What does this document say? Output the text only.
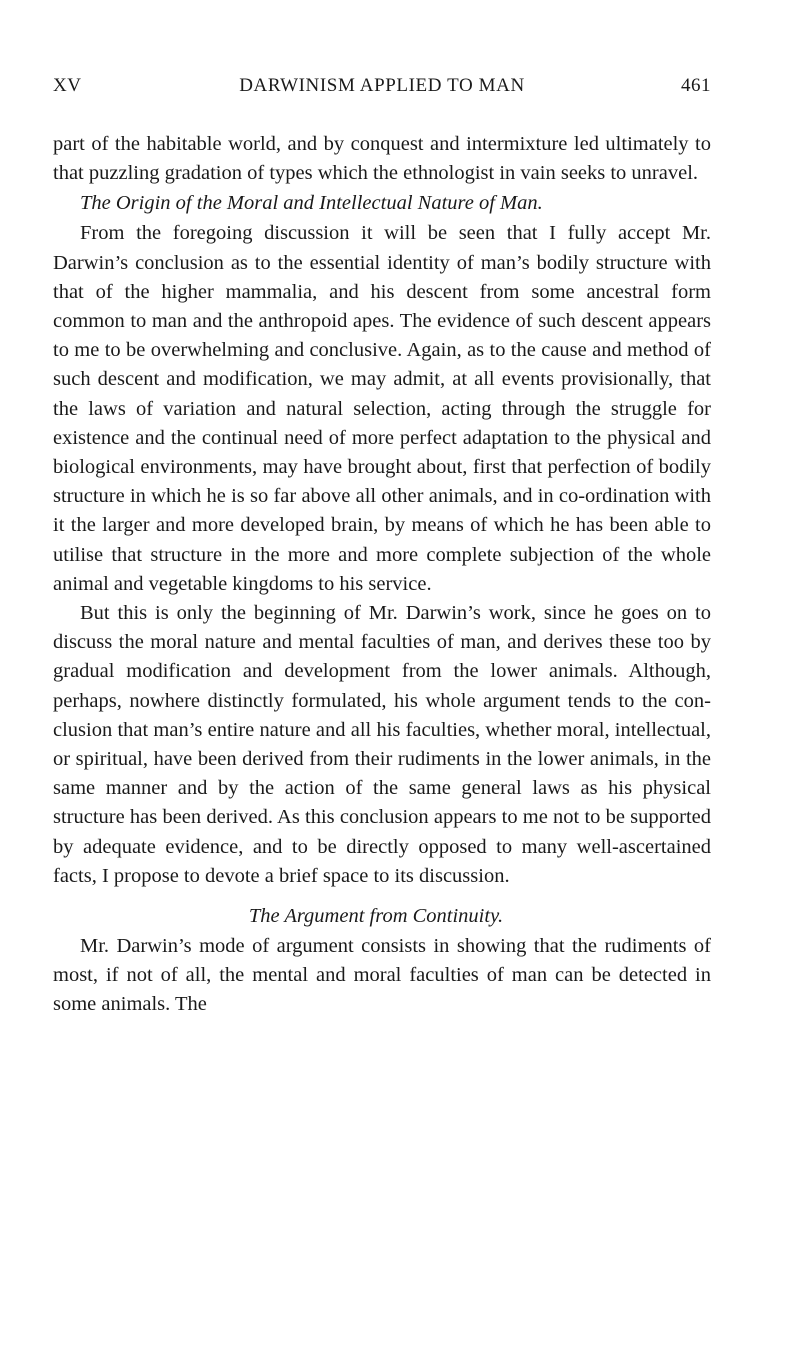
XV	DARWINISM APPLIED TO MAN	461

part of the habitable world, and by conquest and intermixture led ultimately to that puzzling gradation of types which the ethnologist in vain seeks to unravel.

The Origin of the Moral and Intellectual Nature of Man.

From the foregoing discussion it will be seen that I fully accept Mr. Darwin’s conclusion as to the essential identity of man’s bodily structure with that of the higher mammalia, and his descent from some ancestral form common to man and the anthropoid apes. The evidence of such descent appears to me to be overwhelming and conclusive. Again, as to the cause and method of such descent and modification, we may admit, at all events provisionally, that the laws of variation and natural selection, acting through the struggle for existence and the continual need of more perfect adaptation to the physical and biological environments, may have brought about, first that perfection of bodily structure in which he is so far above all other animals, and in co-ordination with it the larger and more developed brain, by means of which he has been able to utilise that structure in the more and more complete subjection of the whole animal and vegetable kingdoms to his service.

But this is only the beginning of Mr. Darwin’s work, since he goes on to discuss the moral nature and mental faculties of man, and derives these too by gradual modification and development from the lower animals. Although, perhaps, nowhere distinctly formulated, his whole argument tends to the conclusion that man’s entire nature and all his faculties, whether moral, intellectual, or spiritual, have been derived from their rudiments in the lower animals, in the same manner and by the action of the same general laws as his physical structure has been derived. As this conclusion appears to me not to be supported by adequate evidence, and to be directly opposed to many well-ascertained facts, I propose to devote a brief space to its discussion.

The Argument from Continuity.

Mr. Darwin’s mode of argument consists in showing that the rudiments of most, if not of all, the mental and moral faculties of man can be detected in some animals. The
